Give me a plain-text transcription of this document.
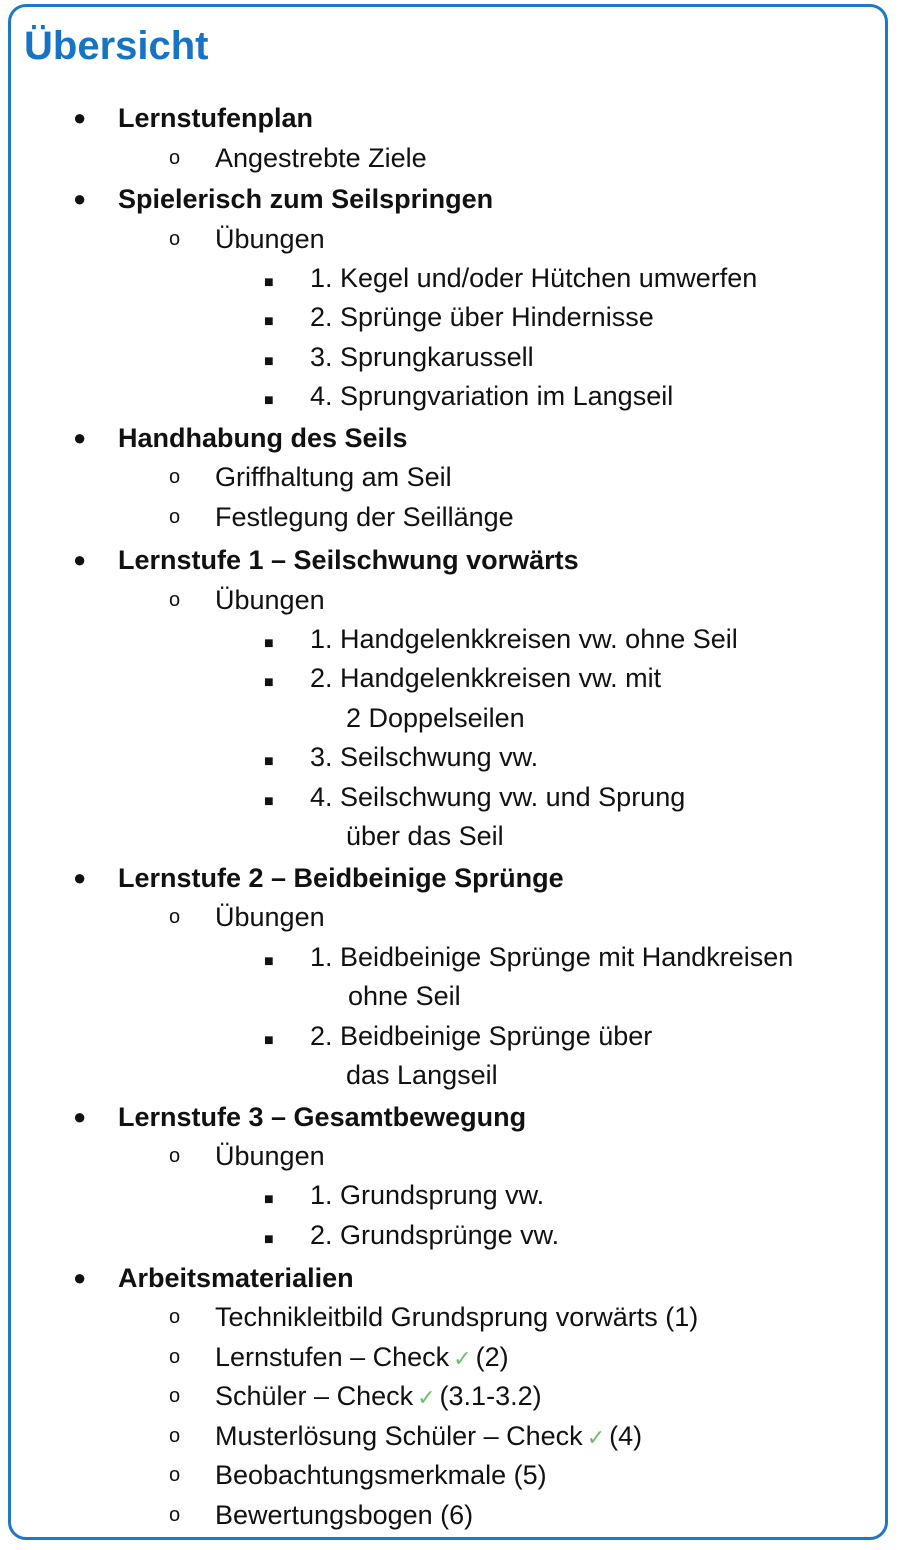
Übersicht
● Lernstufenplan
o Angestrebte Ziele
● Spielerisch zum Seilspringen
o Übungen
■ 1. Kegel und/oder Hütchen umwerfen
■ 2. Sprünge über Hindernisse
■ 3. Sprungkarussell
■ 4. Sprungvariation im Langseil
● Handhabung des Seils
o Griffhaltung am Seil
o Festlegung der Seillänge
● Lernstufe 1 – Seilschwung vorwärts
o Übungen
■ 1. Handgelenkkreisen vw. ohne Seil
■ 2. Handgelenkkreisen vw. mit
2 Doppelseilen
■ 3. Seilschwung vw.
■ 4. Seilschwung vw. und Sprung
über das Seil
● Lernstufe 2 – Beidbeinige Sprünge
o Übungen
■ 1. Beidbeinige Sprünge mit Handkreisen
ohne Seil
■ 2. Beidbeinige Sprünge über
das Langseil
● Lernstufe 3 – Gesamtbewegung
o Übungen
■ 1. Grundsprung vw.
■ 2. Grundsprünge vw.
● Arbeitsmaterialien
o Technikleitbild Grundsprung vorwärts (1)
o Lernstufen – Check ✓ (2)
o Schüler – Check ✓ (3.1-3.2)
o Musterlösung Schüler – Check ✓ (4)
o Beobachtungsmerkmale (5)
o Bewertungsbogen (6)
